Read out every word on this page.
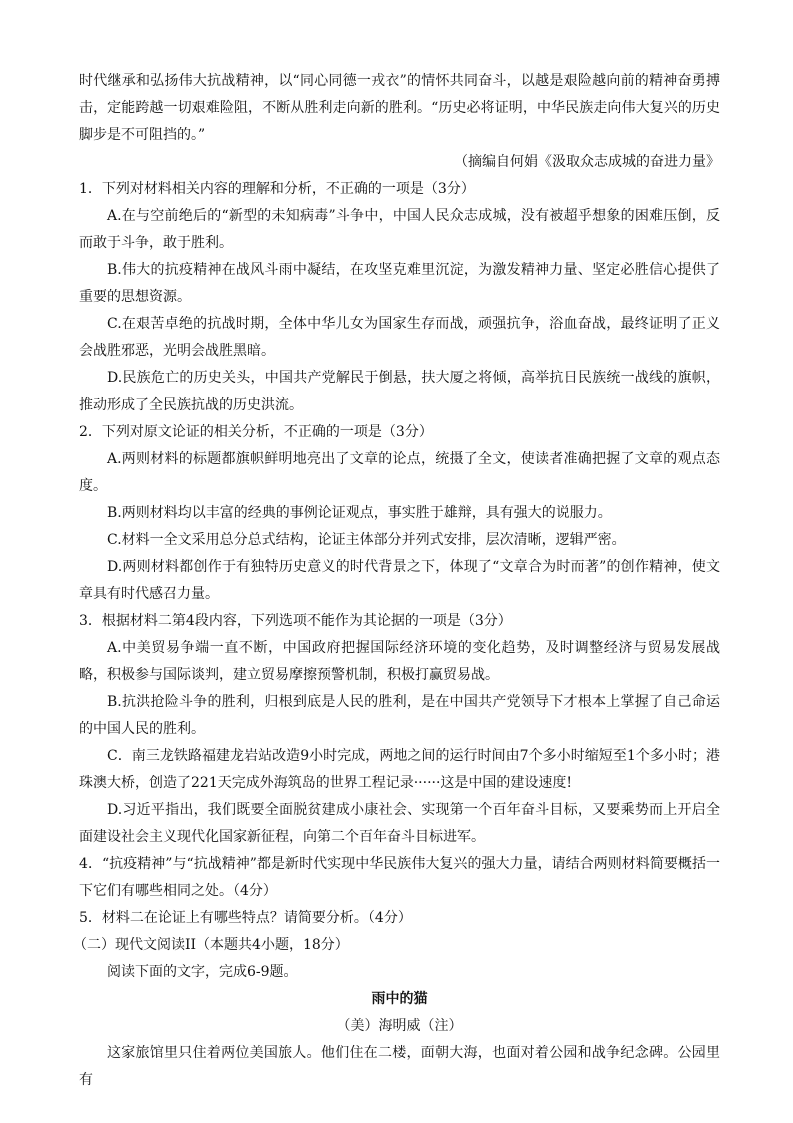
时代继承和弘扬伟大抗战精神，以“同心同德一戎衣”的情怀共同奋斗，以越是艰险越向前的精神奋勇搏击，定能跨越一切艰难险阻，不断从胜利走向新的胜利。“历史必将证明，中华民族走向伟大复兴的历史脚步是不可阻挡的。”

（摘编自何娟《汲取众志成城的奋进力量》

1．下列对材料相关内容的理解和分析，不正确的一项是（3分）

A.在与空前绝后的“新型的未知病毒”斗争中，中国人民众志成城，没有被超乎想象的困难压倒，反而敢于斗争，敢于胜利。

B.伟大的抗疫精神在战风斗雨中凝结，在攻坚克难里沉淀，为激发精神力量、坚定必胜信心提供了重要的思想资源。

C.在艰苦卓绝的抗战时期，全体中华儿女为国家生存而战，顽强抗争，浴血奋战，最终证明了正义会战胜邪恶，光明会战胜黑暗。

D.民族危亡的历史关头，中国共产党解民于倒悬，扶大厦之将倾，高举抗日民族统一战线的旗帜，推动形成了全民族抗战的历史洪流。

2．下列对原文论证的相关分析，不正确的一项是（3分）

A.两则材料的标题都旗帜鲜明地亮出了文章的论点，统摄了全文，使读者准确把握了文章的观点态度。

B.两则材料均以丰富的经典的事例论证观点，事实胜于雄辩，具有强大的说服力。

C.材料一全文采用总分总式结构，论证主体部分并列式安排，层次清晰，逻辑严密。

D.两则材料都创作于有独特历史意义的时代背景之下，体现了“文章合为时而著”的创作精神，使文章具有时代感召力量。

3．根据材料二第4段内容，下列选项不能作为其论据的一项是（3分）

A.中美贸易争端一直不断，中国政府把握国际经济环境的变化趋势，及时调整经济与贸易发展战略，积极参与国际谈判，建立贸易摩擦预警机制，积极打赢贸易战。

B.抗洪抢险斗争的胜利，归根到底是人民的胜利，是在中国共产党领导下才根本上掌握了自己命运的中国人民的胜利。

C．南三龙铁路福建龙岩站改造9小时完成，两地之间的运行时间由7个多小时缩短至1个多小时；港珠澳大桥，创造了221天完成外海筑岛的世界工程记录······这是中国的建设速度!

D.习近平指出，我们既要全面脱贫建成小康社会、实现第一个百年奋斗目标，又要乘势而上开启全面建设社会主义现代化国家新征程，向第二个百年奋斗目标进军。

4．“抗疫精神”与“抗战精神”都是新时代实现中华民族伟大复兴的强大力量，请结合两则材料简要概括一下它们有哪些相同之处。（4分）

5．材料二在论证上有哪些特点？请简要分析。（4分）

（二）现代文阅读II（本题共4小题，18分）

阅读下面的文字，完成6-9题。

雨中的猫

（美）海明威（注）

这家旅馆里只住着两位美国旅人。他们住在二楼，面朝大海，也面对着公园和战争纪念碑。公园里有
